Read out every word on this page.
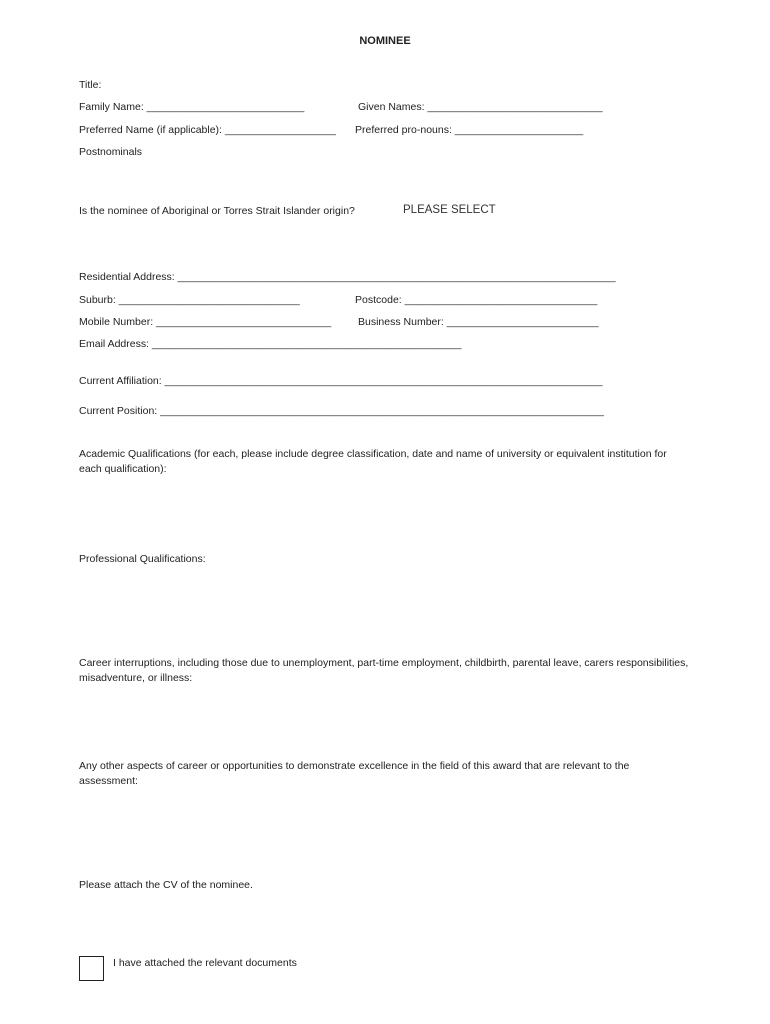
NOMINEE
Title:
Family Name: ___________________________	Given Names: ______________________________
Preferred Name (if applicable): ___________________ Preferred pro-nouns: ______________________
Postnominals
Is the nominee of Aboriginal or Torres Strait Islander origin?	PLEASE SELECT
Residential Address: ___________________________________________________________________________
Suburb: _______________________________	Postcode: _________________________________
Mobile Number: ______________________________	Business Number: __________________________
Email Address: _____________________________________________________
Current Affiliation: ___________________________________________________________________________
Current Position: ____________________________________________________________________________
Academic Qualifications (for each, please include degree classification, date and name of university or equivalent institution for each qualification):
Professional Qualifications:
Career interruptions, including those due to unemployment, part-time employment, childbirth, parental leave, carers responsibilities, misadventure, or illness:
Any other aspects of career or opportunities to demonstrate excellence in the field of this award that are relevant to the assessment:
Please attach the CV of the nominee.
I have attached the relevant documents
